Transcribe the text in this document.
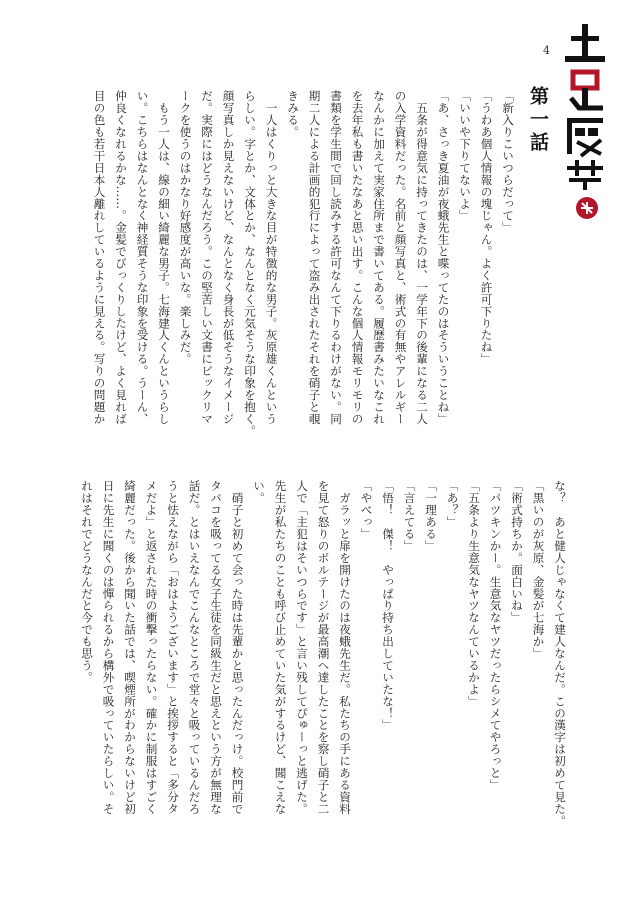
4
第一話
「新入りこいつらだって」
「うわあ個人情報の塊じゃん。よく許可下りたね」
「いいや下りてないよ」
「あ、さっき夏油が夜蛾先生と喋ってたのはそういうことね」
　五条が得意気に持ってきたのは、一学年下の後輩になる二人
の入学資料だった。名前と顔写真と、術式の有無やアレルギー
なんかに加えて実家住所まで書いてある。履歴書みたいなこれ
を去年私も書いたなあと思い出す。こんな個人情報モリモリの
書類を学生間で回し読みする許可なんて下りるわけがない。同
期二人による計画的犯行によって盗み出されたそれを硝子と覗
きみる。
　一人はくりっと大きな目が特徴的な男子。灰原雄くんという
らしい。字とか、文体とか、なんとなく元気そうな印象を抱く。
顔写真しか見えないけど、なんとなく身長が低そうなイメージ
だ。実際にはどうなんだろう。この堅苦しい文書にビックリマ
ークを使うのはかなり好感度が高いな。楽しみだ。
　もう一人は、線の細い綺麗な男子。七海建人くんというらし
い。こちらはなんとなく神経質そうな印象を受ける。うーん、
仲良くなれるかな……。金髪でびっくりしたけど、よく見れば
目の色も若干日本人離れしているように見える。写りの問題か
な？　あと健人じゃなくて建人なんだ。この漢字は初めて見た。
「黒いのが灰原、金髪が七海か」
「術式持ちか。面白いね」
「パツキンかー。生意気なヤツだったらシメてやろっと」
「五条より生意気なヤツなんているかよ」
「あ？」
「一理ある」
「言えてる」
「悟！　傑！　やっぱり持ち出していたな！」
「やべっ」
　ガラッと扉を開けたのは夜蛾先生だ。私たちの手にある資料
を見て怒りのボルテージが最高潮へ達したことを察し硝子と二
人で「主犯はそいつらです」と言い残してぴゅーっと逃げた。
先生が私たちのことも呼び止めていた気がするけど、聞こえな
い。
　硝子と初めて会った時は先輩かと思ったんだっけ。校門前で
タバコを吸ってる女子生徒を同級生だと思えという方が無理な
話だ。とはいえなんでこんなところで堂々と吸っているんだろ
うと怯えながら「おはようございます」と挨拶すると「多分タ
メだよ」と返された時の衝撃ったらない。確かに制服はすごく
綺麗だった。後から聞いた話では、喫煙所がわからないけど初
日に先生に聞くのは憚られるから構外で吸っていたらしい。そ
れはそれでどうなんだと今でも思う。
